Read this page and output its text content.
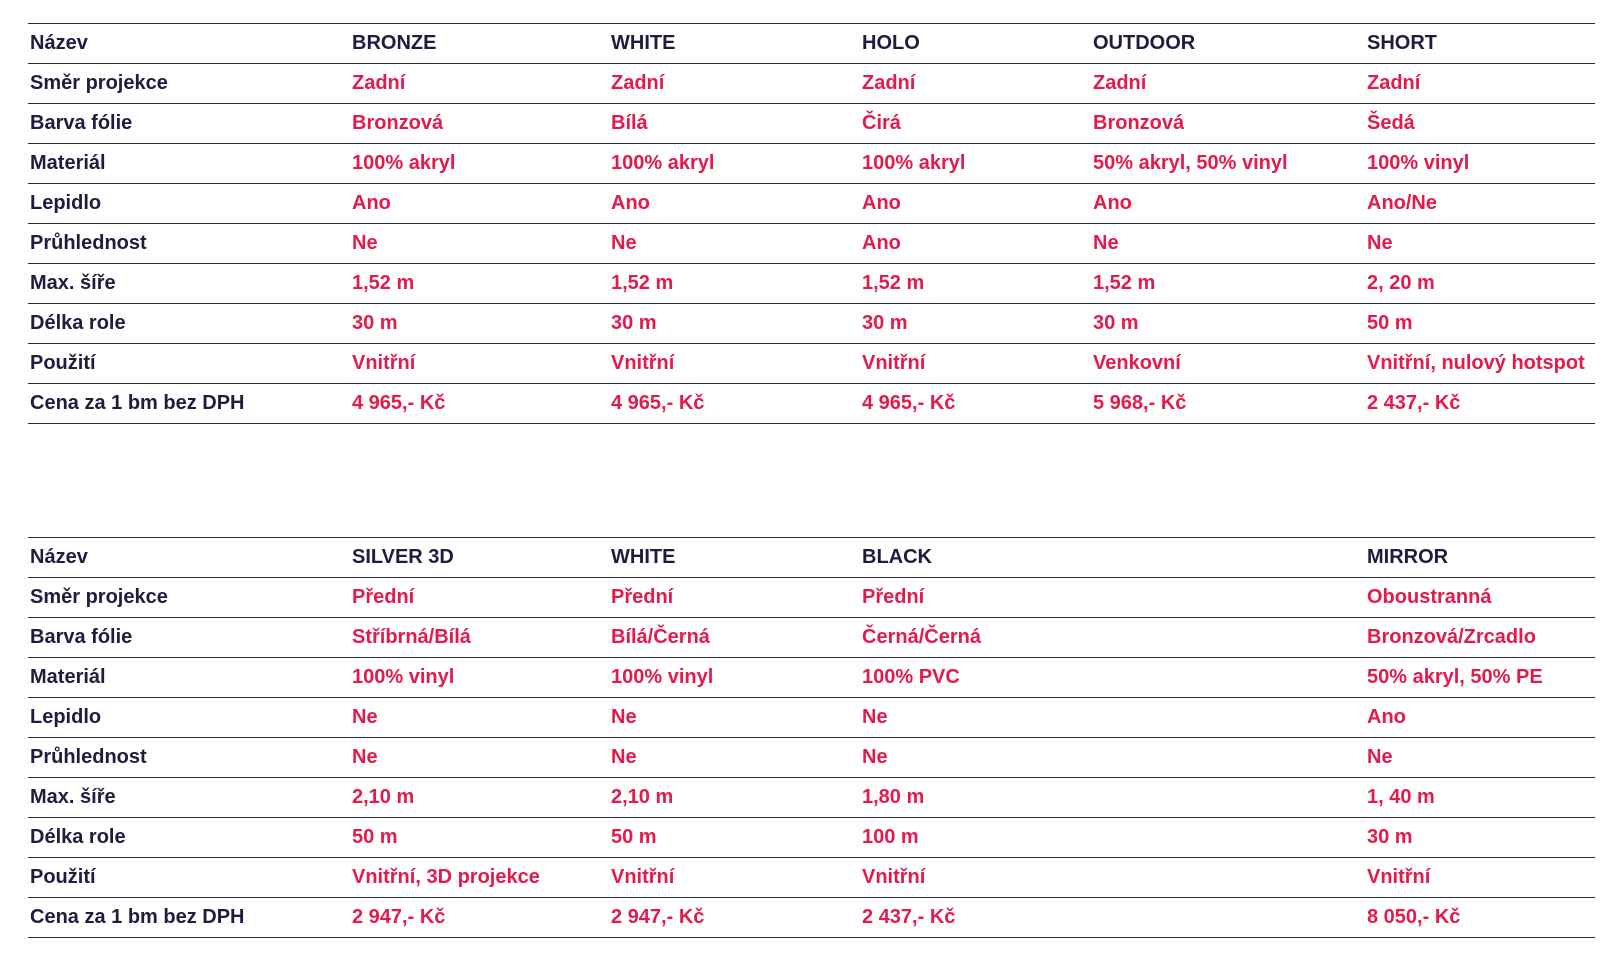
Název	BRONZE	WHITE	HOLO	OUTDOOR	SHORT
Směr projekce	Zadní	Zadní	Zadní	Zadní	Zadní
Barva fólie	Bronzová	Bílá	Čirá	Bronzová	Šedá
Materiál	100% akryl	100% akryl	100% akryl	50% akryl, 50% vinyl	100% vinyl
Lepidlo	Ano	Ano	Ano	Ano	Ano/Ne
Průhlednost	Ne	Ne	Ano	Ne	Ne
Max. šíře	1,52 m	1,52 m	1,52 m	1,52 m	2, 20 m
Délka role	30 m	30 m	30 m	30 m	50 m
Použití	Vnitřní	Vnitřní	Vnitřní	Venkovní	Vnitřní, nulový hotspot
Cena za 1 bm bez DPH	4 965,- Kč	4 965,- Kč	4 965,- Kč	5 968,- Kč	2 437,- Kč
Název	SILVER 3D	WHITE	BLACK		MIRROR
Směr projekce	Přední	Přední	Přední		Oboustranná
Barva fólie	Stříbrná/Bílá	Bílá/Černá	Černá/Černá		Bronzová/Zrcadlo
Materiál	100% vinyl	100% vinyl	100% PVC		50% akryl, 50% PE
Lepidlo	Ne	Ne	Ne		Ano
Průhlednost	Ne	Ne	Ne		Ne
Max. šíře	2,10 m	2,10 m	1,80 m		1, 40 m
Délka role	50 m	50 m	100 m		30 m
Použití	Vnitřní, 3D projekce	Vnitřní	Vnitřní		Vnitřní
Cena za 1 bm bez DPH	2 947,- Kč	2 947,- Kč	2 437,- Kč		8 050,- Kč
